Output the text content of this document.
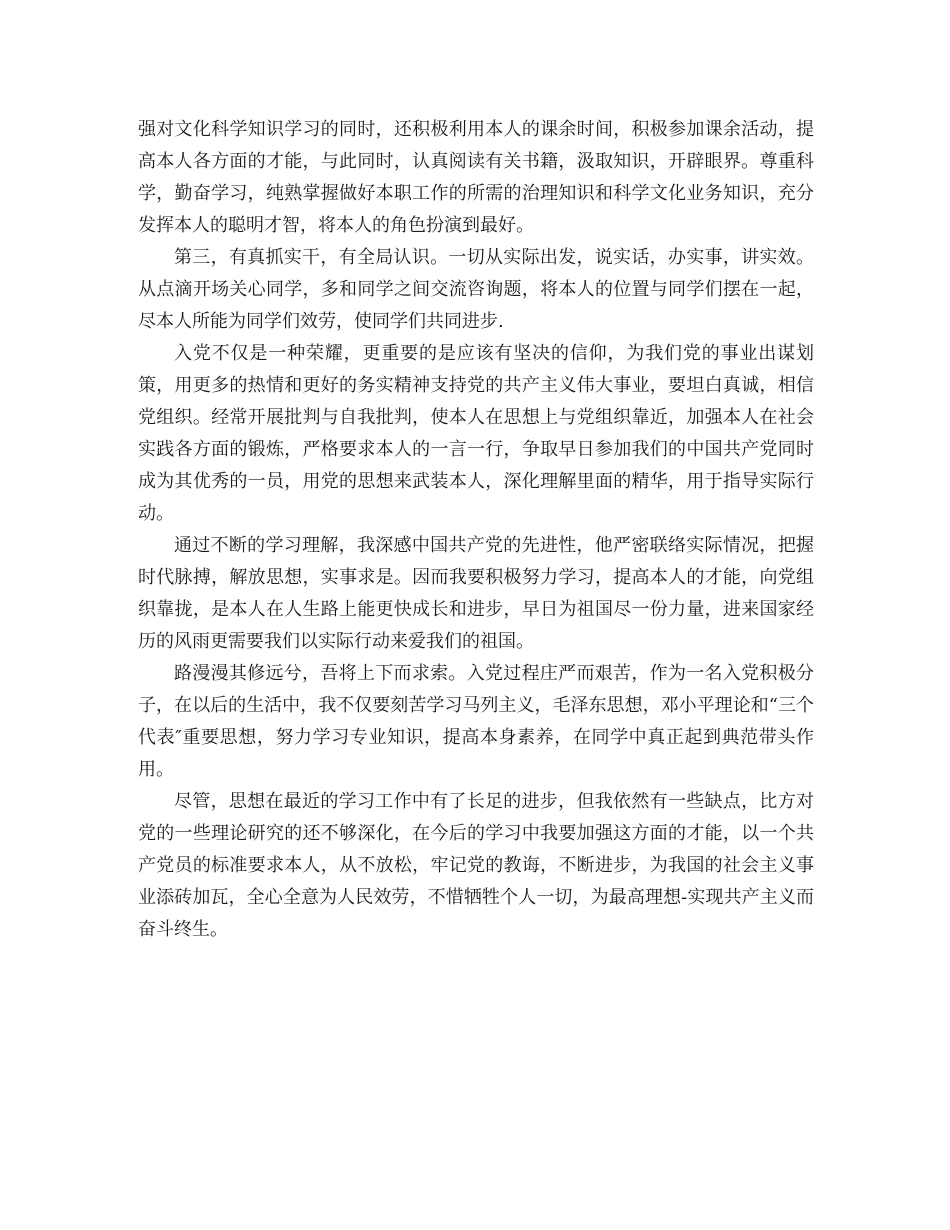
强对文化科学知识学习的同时，还积极利用本人的课余时间，积极参加课余活动，提高本人各方面的才能，与此同时，认真阅读有关书籍，汲取知识，开辟眼界。尊重科学，勤奋学习，纯熟掌握做好本职工作的所需的治理知识和科学文化业务知识，充分发挥本人的聪明才智，将本人的角色扮演到最好。

第三，有真抓实干，有全局认识。一切从实际出发，说实话，办实事，讲实效。从点滴开场关心同学，多和同学之间交流咨询题，将本人的位置与同学们摆在一起，尽本人所能为同学们效劳，使同学们共同进步.

入党不仅是一种荣耀，更重要的是应该有坚决的信仰，为我们党的事业出谋划策，用更多的热情和更好的务实精神支持党的共产主义伟大事业，要坦白真诚，相信党组织。经常开展批判与自我批判，使本人在思想上与党组织靠近，加强本人在社会实践各方面的锻炼，严格要求本人的一言一行，争取早日参加我们的中国共产党同时成为其优秀的一员，用党的思想来武装本人，深化理解里面的精华，用于指导实际行动。

通过不断的学习理解，我深感中国共产党的先进性，他严密联络实际情况，把握时代脉搏，解放思想，实事求是。因而我要积极努力学习，提高本人的才能，向党组织靠拢，是本人在人生路上能更快成长和进步，早日为祖国尽一份力量，进来国家经历的风雨更需要我们以实际行动来爱我们的祖国。

路漫漫其修远兮，吾将上下而求索。入党过程庄严而艰苦，作为一名入党积极分子，在以后的生活中，我不仅要刻苦学习马列主义，毛泽东思想，邓小平理论和“三个代表″重要思想，努力学习专业知识，提高本身素养，在同学中真正起到典范带头作用。

尽管，思想在最近的学习工作中有了长足的进步，但我依然有一些缺点，比方对党的一些理论研究的还不够深化，在今后的学习中我要加强这方面的才能，以一个共产党员的标准要求本人，从不放松，牢记党的教诲，不断进步，为我国的社会主义事业添砖加瓦，全心全意为人民效劳，不惜牺牲个人一切，为最高理想-实现共产主义而奋斗终生。
